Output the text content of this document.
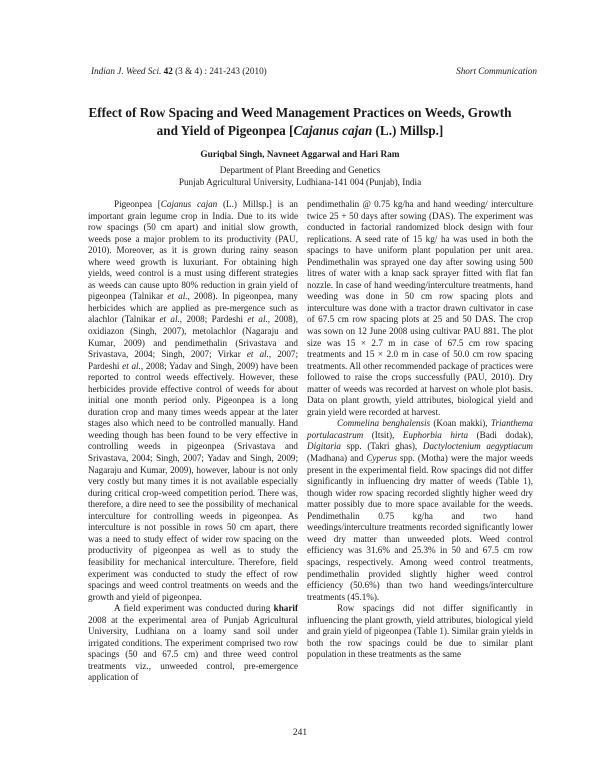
Indian J. Weed Sci. 42 (3 & 4) : 241-243 (2010)	Short Communication
Effect of Row Spacing and Weed Management Practices on Weeds, Growth
and Yield of Pigeonpea [Cajanus cajan (L.) Millsp.]
Guriqbal Singh, Navneet Aggarwal and Hari Ram
Department of Plant Breeding and Genetics
Punjab Agricultural University, Ludhiana-141 004 (Punjab), India

Pigeonpea [Cajanus cajan (L.) Millsp.] is an important grain legume crop in India. Due to its wide row spacings (50 cm apart) and initial slow growth, weeds pose a major problem to its productivity (PAU, 2010). Moreover, as it is grown during rainy season where weed growth is luxuriant. For obtaining high yields, weed control is a must using different strategies as weeds can cause upto 80% reduction in grain yield of pigeonpea (Talnikar et al., 2008). In pigeonpea, many herbicides which are applied as pre-mergence such as alachlor (Talnikar et al., 2008; Pardeshi et al., 2008), oxidiazon (Singh, 2007), metolachlor (Nagaraju and Kumar, 2009) and pendimethalin (Srivastava and Srivastava, 2004; Singh, 2007; Virkar et al., 2007; Pardeshi et al., 2008; Yadav and Singh, 2009) have been reported to control weeds effectively. However, these herbicides provide effective control of weeds for about initial one month period only. Pigeonpea is a long duration crop and many times weeds appear at the later stages also which need to be controlled manually. Hand weeding though has been found to be very effective in controlling weeds in pigeonpea (Srivastava and Srivastava, 2004; Singh, 2007; Yadav and Singh, 2009; Nagaraju and Kumar, 2009), however, labour is not only very costly but many times it is not available especially during critical crop-weed competition period. There was, therefore, a dire need to see the possibility of mechanical interculture for controlling weeds in pigeonpea. As interculture is not possible in rows 50 cm apart, there was a need to study effect of wider row spacing on the productivity of pigeonpea as well as to study the feasibility for mechanical interculture. Therefore, field experiment was conducted to study the effect of row spacings and weed control treatments on weeds and the growth and yield of pigeonpea.

A field experiment was conducted during kharif 2008 at the experimental area of Punjab Agricultural University, Ludhiana on a loamy sand soil under irrigated conditions. The experiment comprised two row spacings (50 and 67.5 cm) and three weed control treatments viz., unweeded control, pre-emergence application of

pendimethalin @ 0.75 kg/ha and hand weeding/ interculture twice 25 + 50 days after sowing (DAS). The experiment was conducted in factorial randomized block design with four replications. A seed rate of 15 kg/ ha was used in both the spacings to have uniform plant population per unit area. Pendimethalin was sprayed one day after sowing using 500 litres of water with a knap sack sprayer fitted with flat fan nozzle. In case of hand weeding/interculture treatments, hand weeding was done in 50 cm row spacing plots and interculture was done with a tractor drawn cultivator in case of 67.5 cm row spacing plots at 25 and 50 DAS. The crop was sown on 12 June 2008 using cultivar PAU 881. The plot size was 15 × 2.7 m in case of 67.5 cm row spacing treatments and 15 × 2.0 m in case of 50.0 cm row spacing treatments. All other recommended package of practices were followed to raise the crops successfully (PAU, 2010). Dry matter of weeds was recorded at harvest on whole plot basis. Data on plant growth, yield attributes, biological yield and grain yield were recorded at harvest.

Commelina benghalensis (Koan makki), Trianthema portulacastrum (Itsit), Euphorbia hirta (Badi dodak), Digitaria spp. (Takri ghas), Dactyloctenium aegyptiacum (Madhana) and Cyperus spp. (Motha) were the major weeds present in the experimental field. Row spacings did not differ significantly in influencing dry matter of weeds (Table 1), though wider row spacing recorded slightly higher weed dry matter possibly due to more space available for the weeds. Pendimethalin 0.75 kg/ha and two hand weedings/interculture treatments recorded significantly lower weed dry matter than unweeded plots. Weed control efficiency was 31.6% and 25.3% in 50 and 67.5 cm row spacings, respectively. Among weed control treatments, pendimethalin provided slightly higher weed control efficiency (50.6%) than two hand weedings/interculture treatments (45.1%).

Row spacings did not differ significantly in influencing the plant growth, yield attributes, biological yield and grain yield of pigeonpea (Table 1). Similar grain yields in both the row spacings could be due to similar plant population in these treatments as the same

241
